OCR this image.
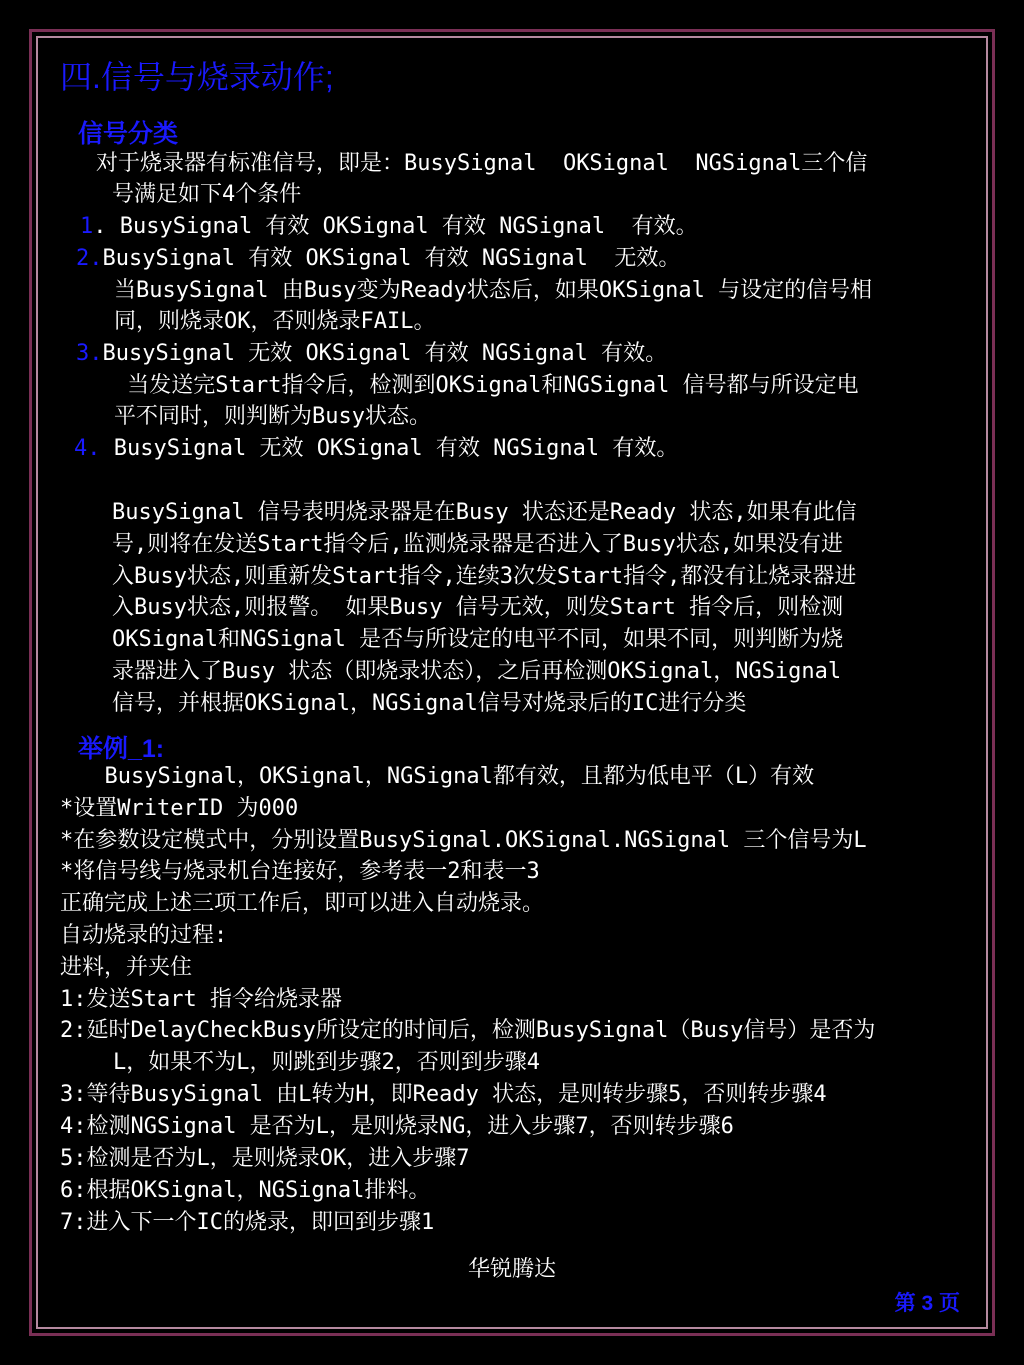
四.信号与烧录动作;
信号分类
对于烧录器有标准信号，即是：BusySignal  OKSignal  NGSignal三个信
号满足如下4个条件
1. BusySignal 有效 OKSignal 有效 NGSignal  有效。
2.BusySignal 有效 OKSignal 有效 NGSignal  无效。
当BusySignal 由Busy变为Ready状态后，如果OKSignal 与设定的信号相
同，则烧录OK，否则烧录FAIL。
3.BusySignal 无效 OKSignal 有效 NGSignal 有效。
当发送完Start指令后，检测到OKSignal和NGSignal 信号都与所设定电
平不同时，则判断为Busy状态。
4. BusySignal 无效 OKSignal 有效 NGSignal 有效。
BusySignal 信号表明烧录器是在Busy 状态还是Ready 状态,如果有此信
号,则将在发送Start指令后,监测烧录器是否进入了Busy状态,如果没有进
入Busy状态,则重新发Start指令,连续3次发Start指令,都没有让烧录器进
入Busy状态,则报警。 如果Busy 信号无效，则发Start 指令后，则检测
OKSignal和NGSignal 是否与所设定的电平不同，如果不同，则判断为烧
录器进入了Busy 状态（即烧录状态），之后再检测OKSignal，NGSignal
信号，并根据OKSignal，NGSignal信号对烧录后的IC进行分类
举例_1:
BusySignal，OKSignal，NGSignal都有效，且都为低电平（L）有效
*设置WriterID 为000
*在参数设定模式中，分别设置BusySignal.OKSignal.NGSignal 三个信号为L
*将信号线与烧录机台连接好，参考表一2和表一3
正确完成上述三项工作后，即可以进入自动烧录。
自动烧录的过程:
进料，并夹住
1:发送Start 指令给烧录器
2:延时DelayCheckBusy所设定的时间后，检测BusySignal（Busy信号）是否为
L，如果不为L，则跳到步骤2，否则到步骤4
3:等待BusySignal 由L转为H，即Ready 状态，是则转步骤5，否则转步骤4
4:检测NGSignal 是否为L，是则烧录NG，进入步骤7，否则转步骤6
5:检测是否为L，是则烧录OK，进入步骤7
6:根据OKSignal，NGSignal排料。
7:进入下一个IC的烧录，即回到步骤1
华锐腾达
第 3 页
